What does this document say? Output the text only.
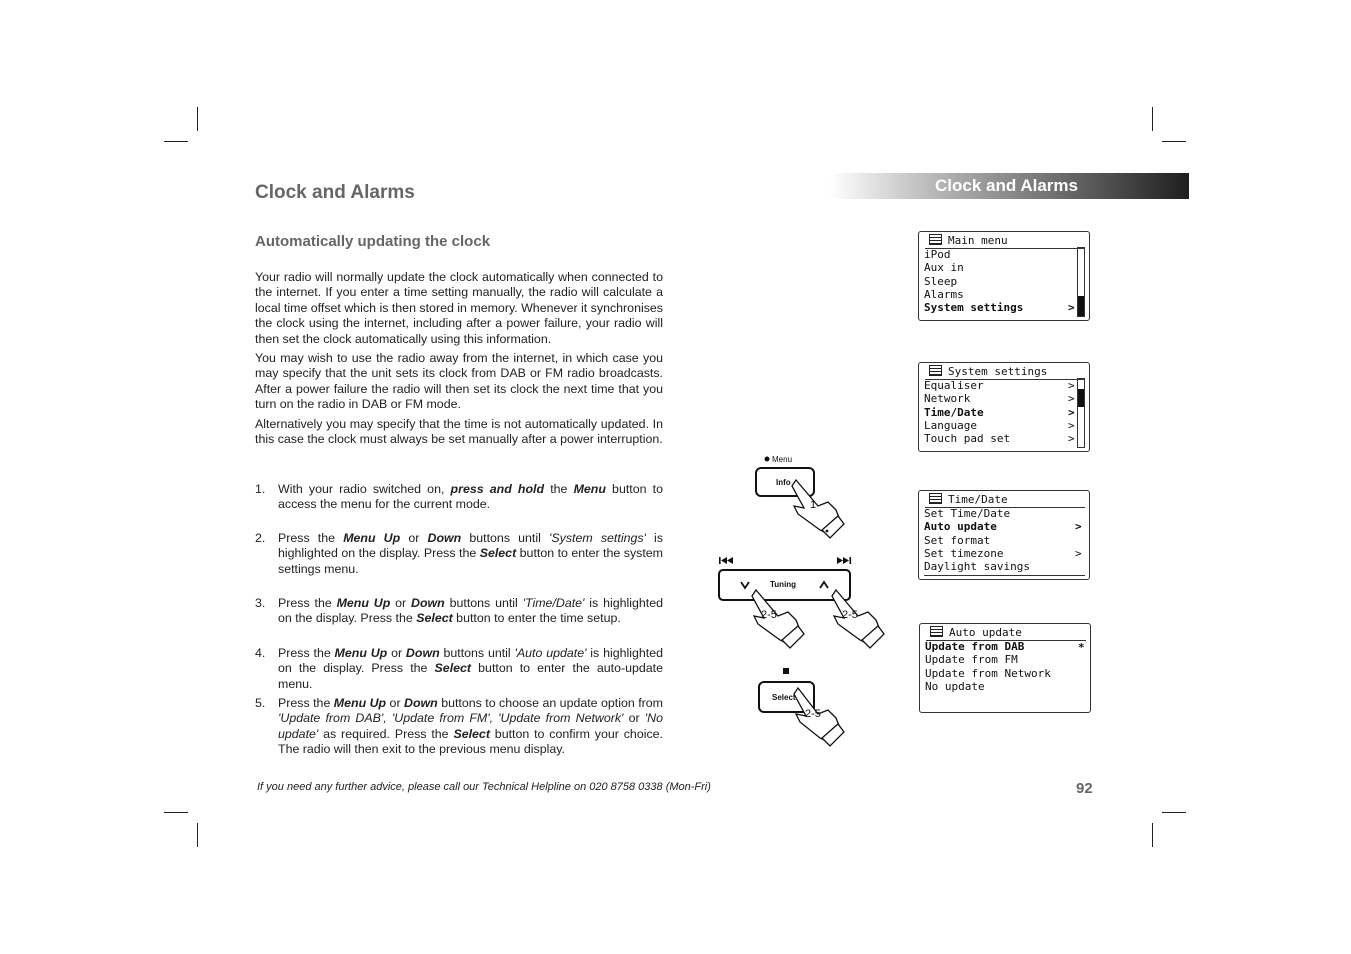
Clock and Alarms	Clock and Alarms
Automatically updating the clock

Your radio will normally update the clock automatically when connected to the internet. If you enter a time setting manually, the radio will calculate a local time offset which is then stored in memory. Whenever it synchronises the clock using the internet, including after a power failure, your radio will then set the clock automatically using this information.

You may wish to use the radio away from the internet, in which case you may specify that the unit sets its clock from DAB or FM radio broadcasts. After a power failure the radio will then set its clock the next time that you turn on the radio in DAB or FM mode.

Alternatively you may specify that the time is not automatically updated. In this case the clock must always be set manually after a power interruption.

1. With your radio switched on, press and hold the Menu button to access the menu for the current mode.
2. Press the Menu Up or Down buttons until 'System settings' is highlighted on the display. Press the Select button to enter the system settings menu.
3. Press the Menu Up or Down buttons until 'Time/Date' is highlighted on the display. Press the Select button to enter the time setup.
4. Press the Menu Up or Down buttons until 'Auto update' is highlighted on the display. Press the Select button to enter the auto-update menu.
5. Press the Menu Up or Down buttons to choose an update option from 'Update from DAB', 'Update from FM', 'Update from Network' or 'No update' as required. Press the Select button to confirm your choice. The radio will then exit to the previous menu display.
If you need any further advice, please call our Technical Helpline on 020 8758 0338 (Mon-Fri)	92
Menu
Info
1
Tuning
2-5	2-5
Select
2-5
Main menu
iPod
Aux in
Sleep
Alarms
System settings	>
System settings
Equaliser
Network
Time/Date
Language
Touch pad set
>
>
>
>
>
Time/Date
Set Time/Date
Auto update
Set format
Set timezone
Daylight savings
>
>
Auto update
Update from DAB
Update from FM
Update from Network
No update
*
